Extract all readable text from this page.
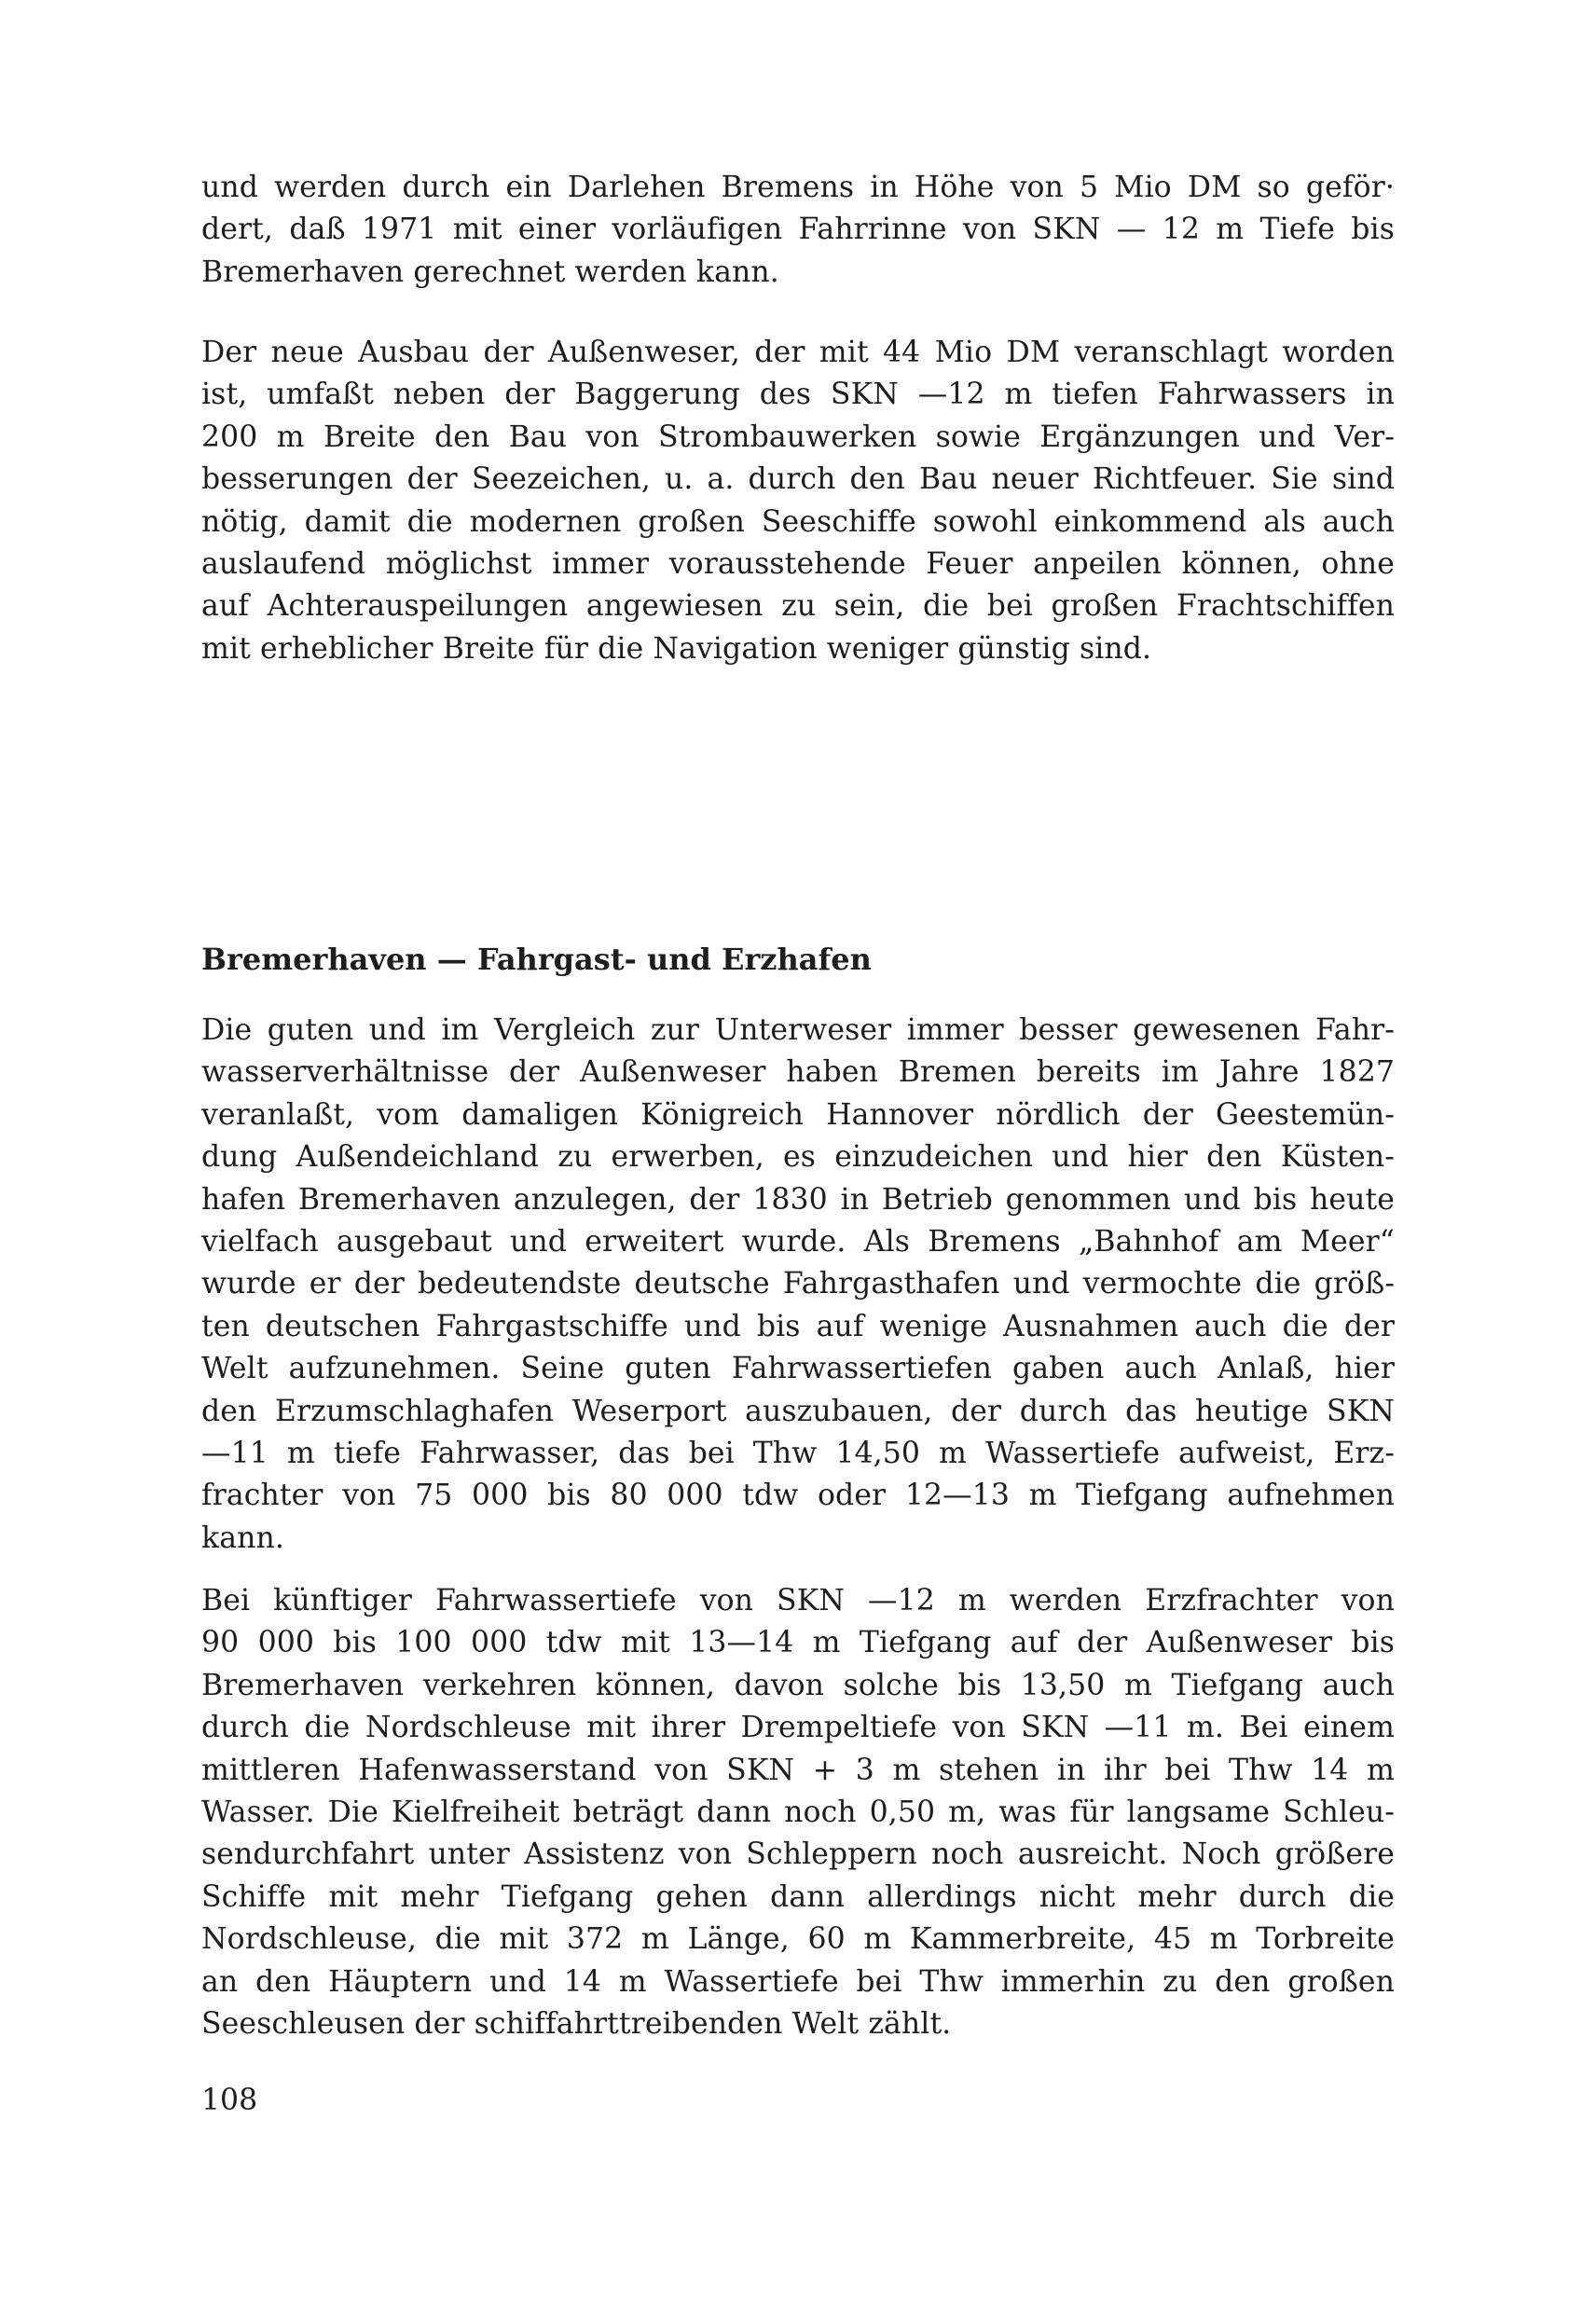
und werden durch ein Darlehen Bremens in Höhe von 5 Mio DM so geför·
dert, daß 1971 mit einer vorläufigen Fahrrinne von SKN — 12 m Tiefe bis
Bremerhaven gerechnet werden kann.
Der neue Ausbau der Außenweser, der mit 44 Mio DM veranschlagt worden
ist, umfaßt neben der Baggerung des SKN —12 m tiefen Fahrwassers in
200 m Breite den Bau von Strombauwerken sowie Ergänzungen und Ver-
besserungen der Seezeichen, u. a. durch den Bau neuer Richtfeuer. Sie sind
nötig, damit die modernen großen Seeschiffe sowohl einkommend als auch
auslaufend möglichst immer vorausstehende Feuer anpeilen können, ohne
auf Achterauspeilungen angewiesen zu sein, die bei großen Frachtschiffen
mit erheblicher Breite für die Navigation weniger günstig sind.
Bremerhaven — Fahrgast- und Erzhafen
Die guten und im Vergleich zur Unterweser immer besser gewesenen Fahr-
wasserverhältnisse der Außenweser haben Bremen bereits im Jahre 1827
veranlaßt, vom damaligen Königreich Hannover nördlich der Geestemün-
dung Außendeichland zu erwerben, es einzudeichen und hier den Küsten-
hafen Bremerhaven anzulegen, der 1830 in Betrieb genommen und bis heute
vielfach ausgebaut und erweitert wurde. Als Bremens „Bahnhof am Meer“
wurde er der bedeutendste deutsche Fahrgasthafen und vermochte die größ-
ten deutschen Fahrgastschiffe und bis auf wenige Ausnahmen auch die der
Welt aufzunehmen. Seine guten Fahrwassertiefen gaben auch Anlaß, hier
den Erzumschlaghafen Weserport auszubauen, der durch das heutige SKN
—11 m tiefe Fahrwasser, das bei Thw 14,50 m Wassertiefe aufweist, Erz-
frachter von 75 000 bis 80 000 tdw oder 12—13 m Tiefgang aufnehmen
kann.
Bei künftiger Fahrwassertiefe von SKN —12 m werden Erzfrachter von
90 000 bis 100 000 tdw mit 13—14 m Tiefgang auf der Außenweser bis
Bremerhaven verkehren können, davon solche bis 13,50 m Tiefgang auch
durch die Nordschleuse mit ihrer Drempeltiefe von SKN —11 m. Bei einem
mittleren Hafenwasserstand von SKN + 3 m stehen in ihr bei Thw 14 m
Wasser. Die Kielfreiheit beträgt dann noch 0,50 m, was für langsame Schleu-
sendurchfahrt unter Assistenz von Schleppern noch ausreicht. Noch größere
Schiffe mit mehr Tiefgang gehen dann allerdings nicht mehr durch die
Nordschleuse, die mit 372 m Länge, 60 m Kammerbreite, 45 m Torbreite
an den Häuptern und 14 m Wassertiefe bei Thw immerhin zu den großen
Seeschleusen der schiffahrttreibenden Welt zählt.
108
